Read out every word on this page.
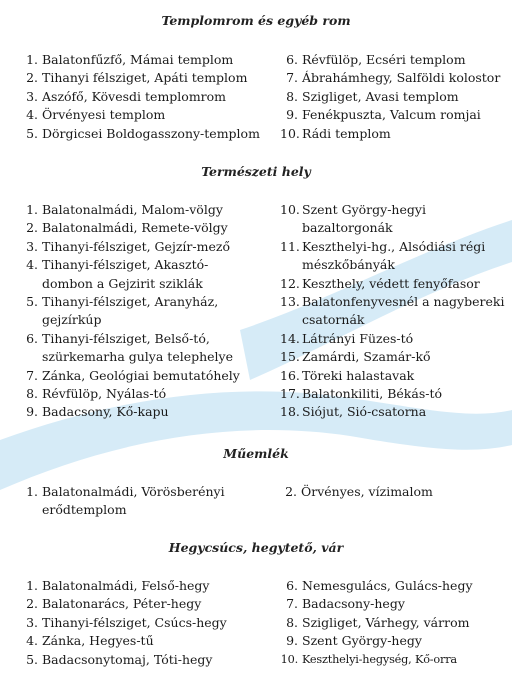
Templomrom és egyéb rom
1. Balatonfűzfő, Mámai templom
2. Tihanyi félsziget, Apáti templom
3. Aszófő, Kövesdi templomrom
4. Örvényesi templom
5. Dörgicsei Boldogasszony-templom
6. Révfülöp, Ecséri templom
7. Ábrahámhegy, Salföldi kolostor
8. Szigliget, Avasi templom
9. Fenékpuszta, Valcum romjai
10. Rádi templom
Természeti hely
1. Balatonalmádi, Malom-völgy
2. Balatonalmádi, Remete-völgy
3. Tihanyi-félsziget, Gejzír-mező
4. Tihanyi-félsziget, Akasztó-dombon a Gejzirit sziklák
5. Tihanyi-félsziget, Aranyház, gejzírkúp
6. Tihanyi-félsziget, Belső-tó, szürkemarha gulya telephelye
7. Zánka, Geológiai bemutatóhely
8. Révfülöp, Nyálas-tó
9. Badacsony, Kő-kapu
10. Szent György-hegyi bazaltorgonák
11. Keszthelyi-hg., Alsódiási régi mészkőbányák
12. Keszthely, védett fenyőfasor
13. Balatonfenyvesnél a nagybereki csatornák
14. Látrányi Füzes-tó
15. Zamárdi, Szamár-kő
16. Töreki halastavak
17. Balatonkiliti, Békás-tó
18. Siójut, Sió-csatorna
Műemlék
1. Balatonalmádi, Vörösberényi erődtemplom
2. Örvényes, vízimalom
Hegycsúcs, hegytető, vár
1. Balatonalmádi, Felső-hegy
2. Balatonarács, Péter-hegy
3. Tihanyi-félsziget, Csúcs-hegy
4. Zánka, Hegyes-tű
5. Badacsonytomaj, Tóti-hegy
6. Nemesgulács, Gulács-hegy
7. Badacsony-hegy
8. Szigliget, Várhegy, várrom
9. Szent György-hegy
10. Keszthelyi-hegység, Kő-orra
